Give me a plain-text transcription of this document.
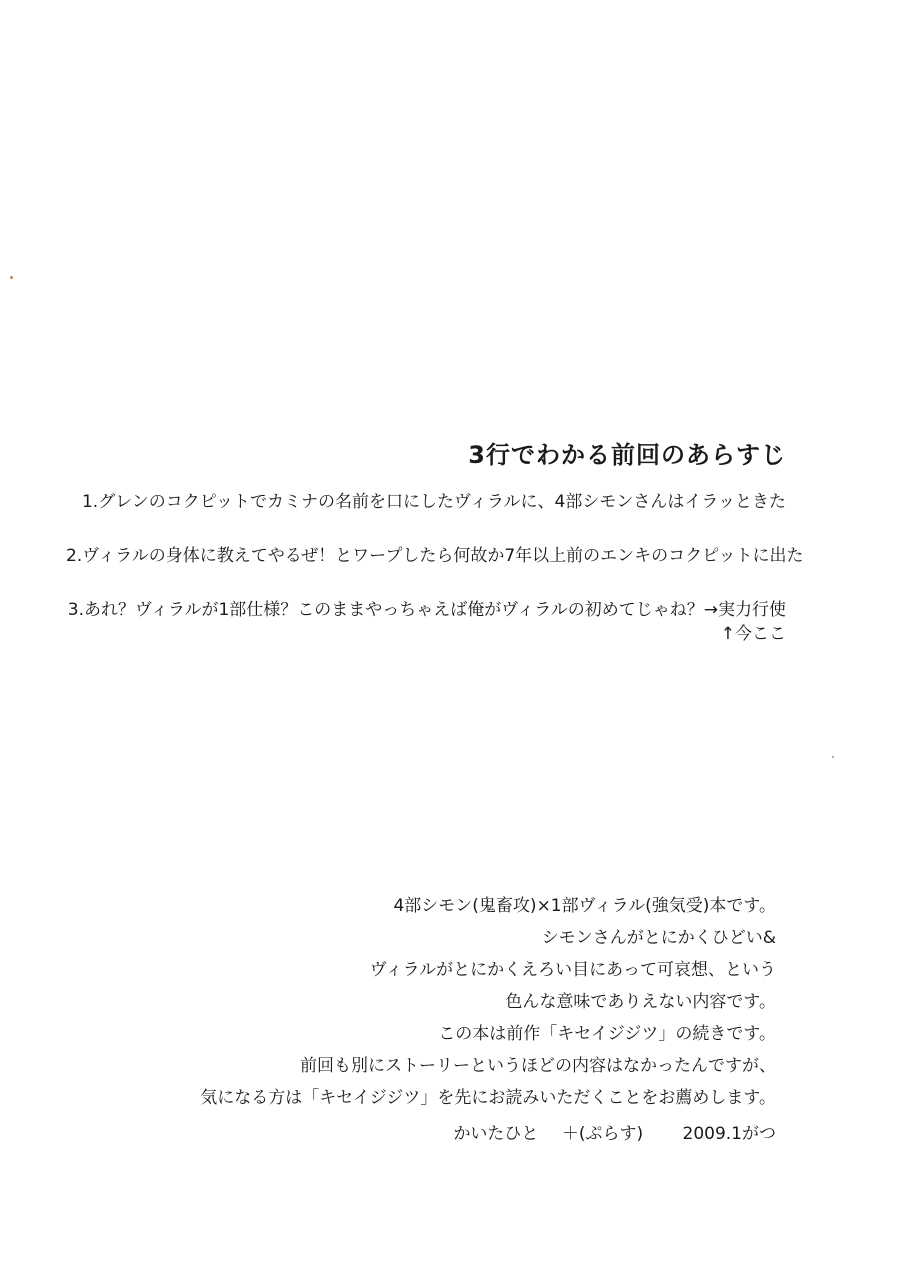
3行でわかる前回のあらすじ

1.グレンのコクピットでカミナの名前を口にしたヴィラルに、4部シモンさんはイラッときた

2.ヴィラルの身体に教えてやるぜ！とワープしたら何故か7年以上前のエンキのコクピットに出た

3.あれ？ヴィラルが1部仕様？このままやっちゃえば俺がヴィラルの初めてじゃね？→実力行使

↑今ここ

4部シモン(鬼畜攻)×1部ヴィラル(強気受)本です。

シモンさんがとにかくひどい&

ヴィラルがとにかくえろい目にあって可哀想、という

色んな意味でありえない内容です。

この本は前作「キセイジジツ」の続きです。

前回も別にストーリーというほどの内容はなかったんですが、

気になる方は「キセイジジツ」を先にお読みいただくことをお薦めします。

かいたひと ＋(ぷらす) 2009.1がつ
